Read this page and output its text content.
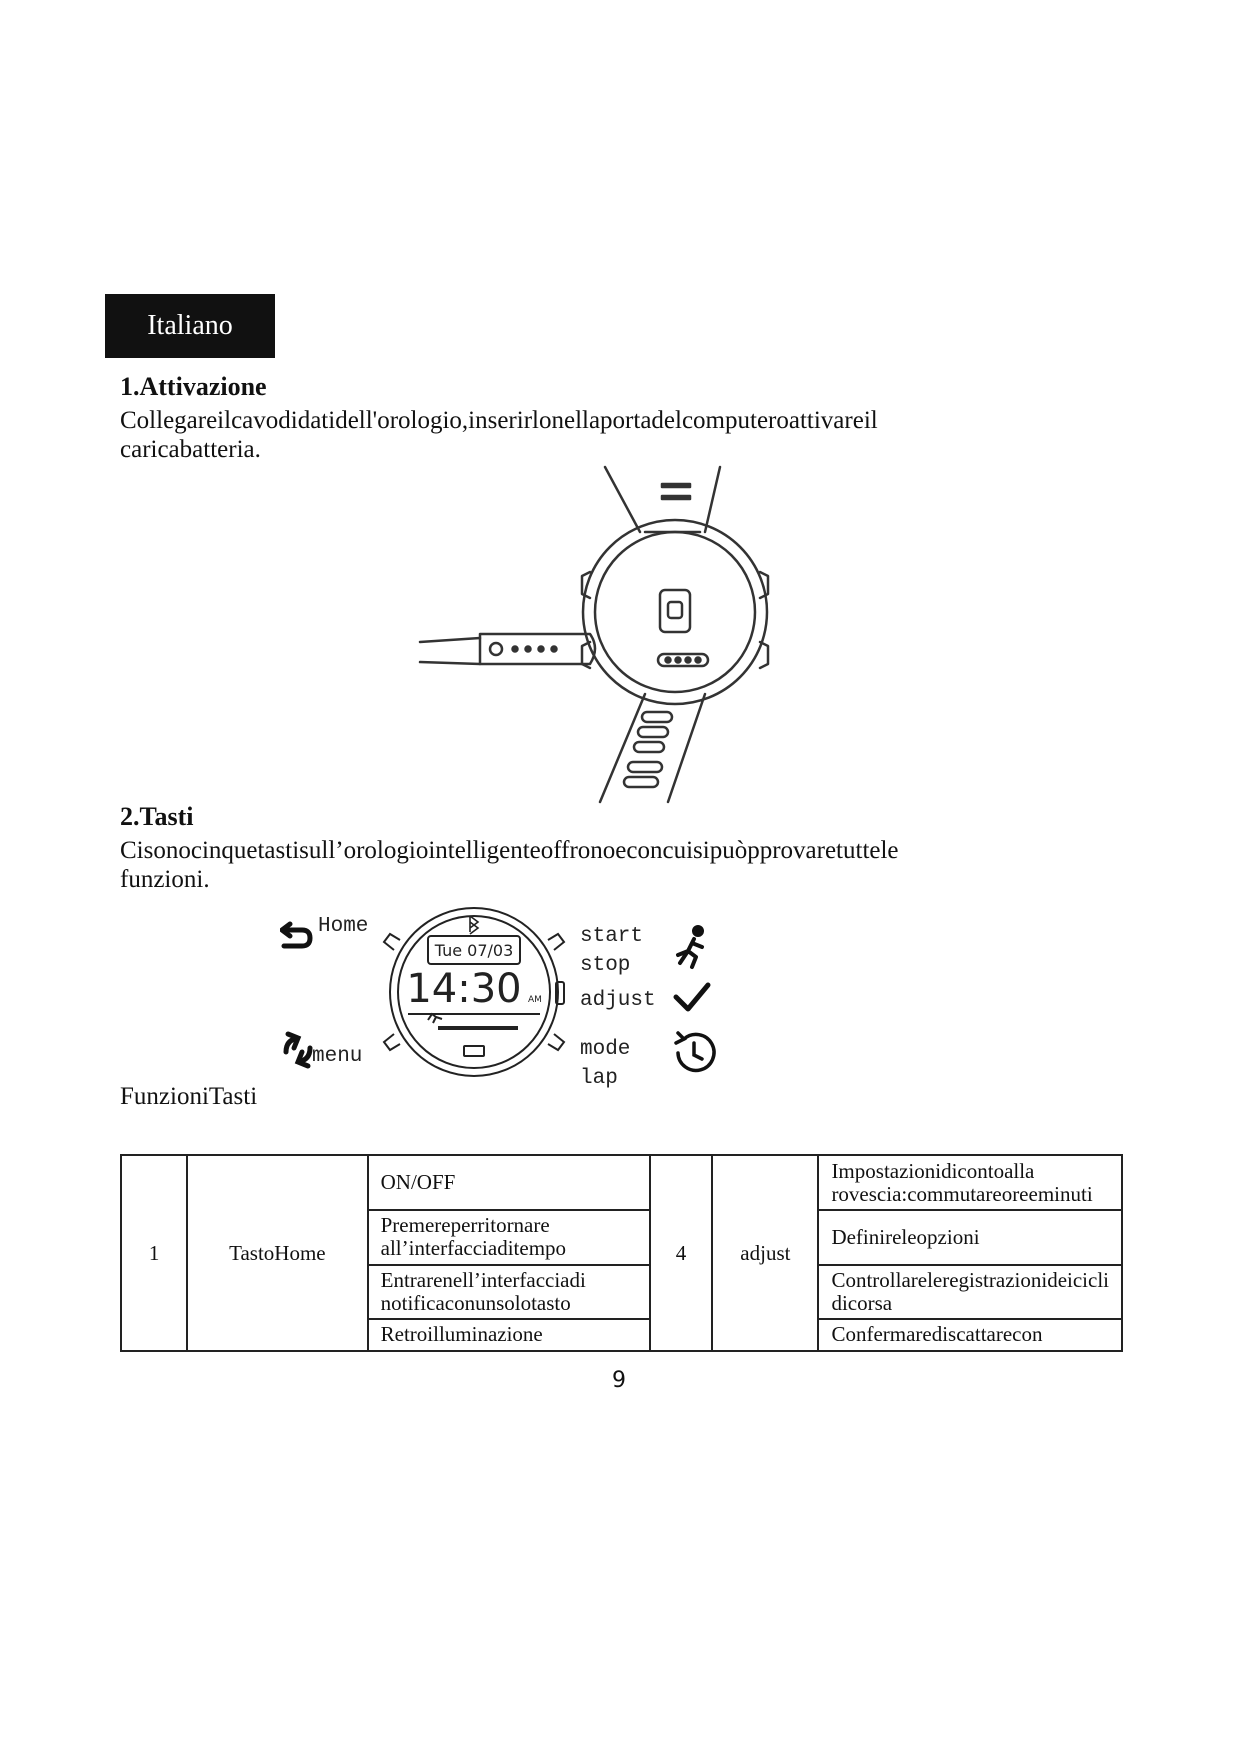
Italiano
1.Attivazione
Collegareilcavodidatidell'orologio,inserirlonellaportadelcomputeroattivareil
caricabatteria.
2.Tasti
Cisonocinquetastisull’orologiointelligenteoffronoeconcuisipuòpprovaretuttele
funzioni.
Home
menu
Tue 07/03
14:30 AM
start
stop
adjust
mode
lap
FunzioniTasti
1	TastoHome	ON/OFF	4	adjust	Impostazionidicontoalla rovescia:commutareoreeminuti
		Premereperritornare all’interfacciaditempo			Definireleopzioni
		Entrarenell’interfacciadi notificaconunsolotasto			Controllareleregistrazionideicicli dicorsa
		Retroilluminazione			Confermarediscattarecon
9
